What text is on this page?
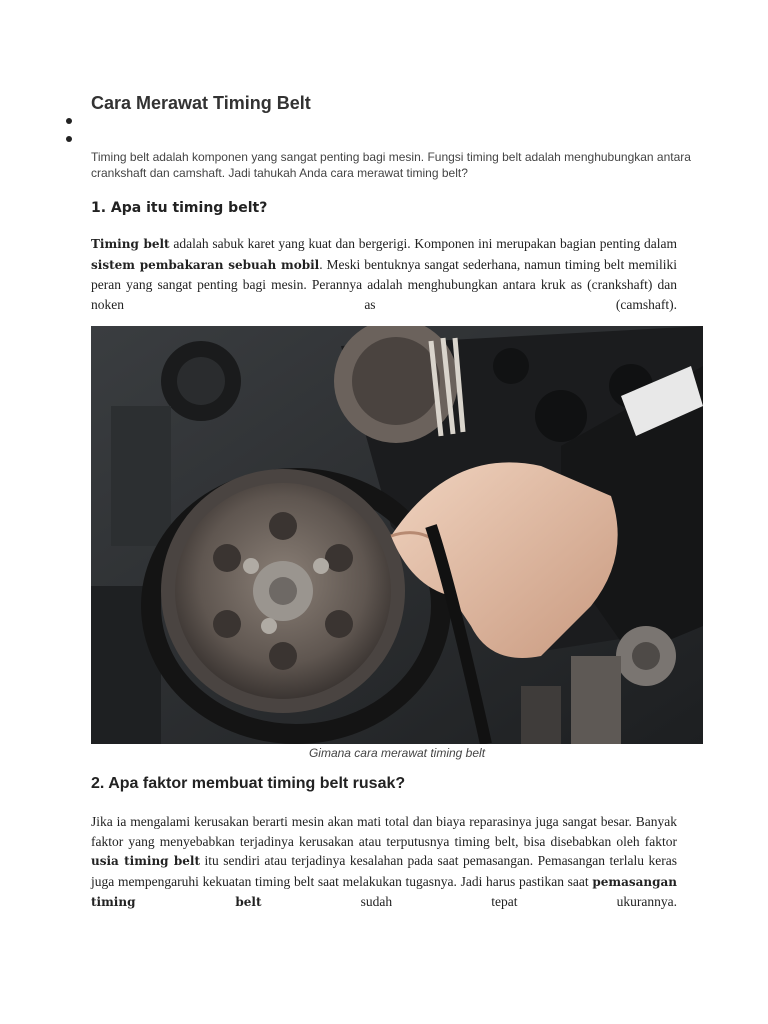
Cara Merawat Timing Belt

Timing belt adalah komponen yang sangat penting bagi mesin. Fungsi timing belt adalah menghubungkan antara crankshaft dan camshaft. Jadi tahukah Anda cara merawat timing belt?

1. Apa itu timing belt?

Timing belt adalah sabuk karet yang kuat dan bergerigi. Komponen ini merupakan bagian penting dalam sistem pembakaran sebuah mobil. Meski bentuknya sangat sederhana, namun timing belt memiliki peran yang sangat penting bagi mesin. Perannya adalah menghubungkan antara kruk as (crankshaft) dan noken as (camshaft).

Gimana cara merawat timing belt

2. Apa faktor membuat timing belt rusak?

Jika ia mengalami kerusakan berarti mesin akan mati total dan biaya reparasinya juga sangat besar. Banyak faktor yang menyebabkan terjadinya kerusakan atau terputusnya timing belt, bisa disebabkan oleh faktor usia timing belt itu sendiri atau terjadinya kesalahan pada saat pemasangan. Pemasangan terlalu keras juga mempengaruhi kekuatan timing belt saat melakukan tugasnya. Jadi harus pastikan saat pemasangan timing belt sudah tepat ukurannya.
